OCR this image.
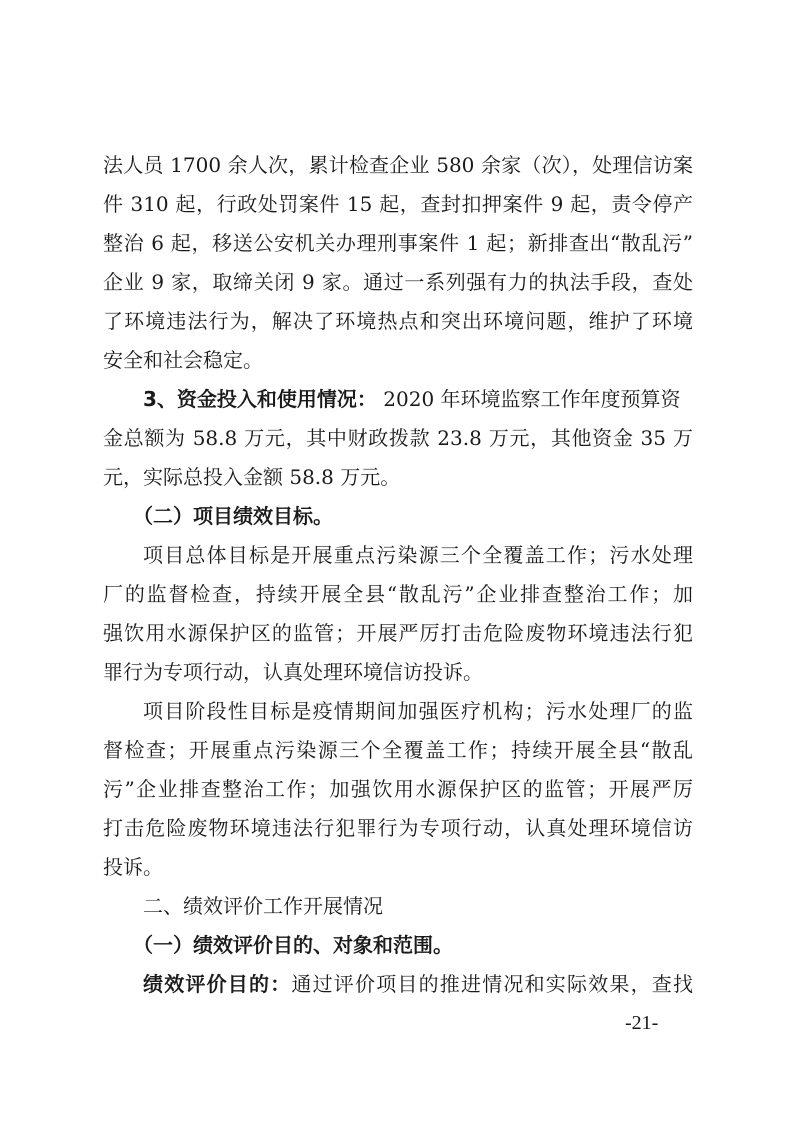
法人员 1700 余人次，累计检查企业 580 余家（次），处理信访案
件 310 起，行政处罚案件 15 起，查封扣押案件 9 起，责令停产
整治 6 起，移送公安机关办理刑事案件 1 起；新排查出“散乱污”
企业 9 家，取缔关闭 9 家。通过一系列强有力的执法手段，查处
了环境违法行为，解决了环境热点和突出环境问题，维护了环境
安全和社会稳定。
3、资金投入和使用情况： 2020 年环境监察工作年度预算资
金总额为 58.8 万元，其中财政拨款 23.8 万元，其他资金 35 万
元，实际总投入金额 58.8 万元。
（二）项目绩效目标。
项目总体目标是开展重点污染源三个全覆盖工作；污水处理
厂的监督检查，持续开展全县“散乱污”企业排查整治工作；加
强饮用水源保护区的监管；开展严厉打击危险废物环境违法行犯
罪行为专项行动，认真处理环境信访投诉。
项目阶段性目标是疫情期间加强医疗机构；污水处理厂的监
督检查；开展重点污染源三个全覆盖工作；持续开展全县“散乱
污”企业排查整治工作；加强饮用水源保护区的监管；开展严厉
打击危险废物环境违法行犯罪行为专项行动，认真处理环境信访
投诉。
二、绩效评价工作开展情况
（一）绩效评价目的、对象和范围。
绩效评价目的：通过评价项目的推进情况和实际效果，查找
-21-
